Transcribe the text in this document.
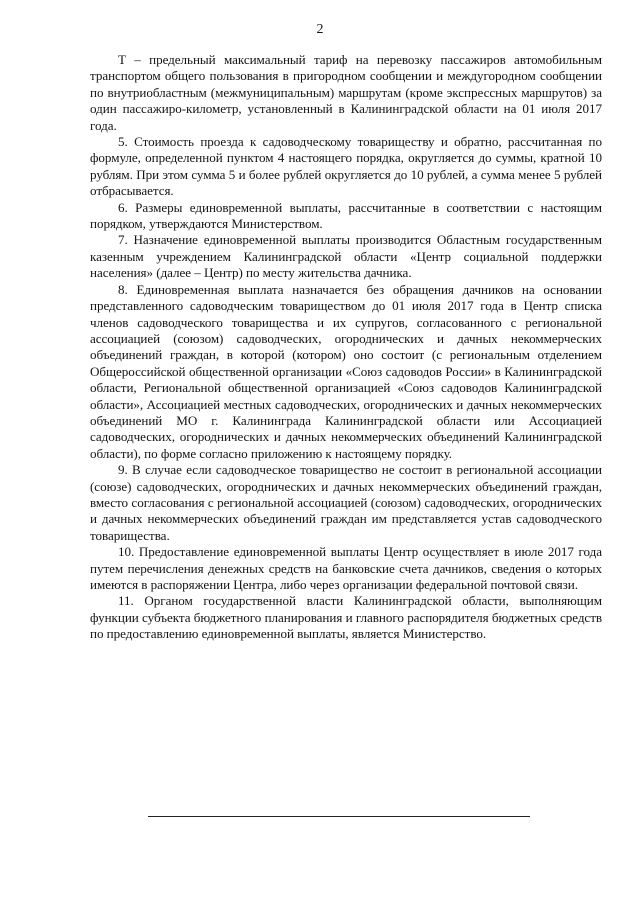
2

Т – предельный максимальный тариф на перевозку пассажиров автомобильным транспортом общего пользования в пригородном сообщении и междугородном сообщении по внутриобластным (межмуниципальным) маршрутам (кроме экспрессных маршрутов) за один пассажиро-километр, установленный в Калининградской области на 01 июля 2017 года.

5. Стоимость проезда к садоводческому товариществу и обратно, рассчитанная по формуле, определенной пунктом 4 настоящего порядка, округляется до суммы, кратной 10 рублям. При этом сумма 5 и более рублей округляется до 10 рублей, а сумма менее 5 рублей отбрасывается.

6. Размеры единовременной выплаты, рассчитанные в соответствии с настоящим порядком, утверждаются Министерством.

7. Назначение единовременной выплаты производится Областным государственным казенным учреждением Калининградской области «Центр социальной поддержки населения» (далее – Центр) по месту жительства дачника.

8. Единовременная выплата назначается без обращения дачников на основании представленного садоводческим товариществом до 01 июля 2017 года в Центр списка членов садоводческого товарищества и их супругов, согласованного с региональной ассоциацией (союзом) садоводческих, огороднических и дачных некоммерческих объединений граждан, в которой (котором) оно состоит (с региональным отделением Общероссийской общественной организации «Союз садоводов России» в Калининградской области, Региональной общественной организацией «Союз садоводов Калининградской области», Ассоциацией местных садоводческих, огороднических и дачных некоммерческих объединений МО г. Калининграда Калининградской области или Ассоциацией садоводческих, огороднических и дачных некоммерческих объединений Калининградской области), по форме согласно приложению к настоящему порядку.

9. В случае если садоводческое товарищество не состоит в региональной ассоциации (союзе) садоводческих, огороднических и дачных некоммерческих объединений граждан, вместо согласования с региональной ассоциацией (союзом) садоводческих, огороднических и дачных некоммерческих объединений граждан им представляется устав садоводческого товарищества.

10. Предоставление единовременной выплаты Центр осуществляет в июле 2017 года путем перечисления денежных средств на банковские счета дачников, сведения о которых имеются в распоряжении Центра, либо через организации федеральной почтовой связи.

11. Органом государственной власти Калининградской области, выполняющим функции субъекта бюджетного планирования и главного распорядителя бюджетных средств по предоставлению единовременной выплаты, является Министерство.
